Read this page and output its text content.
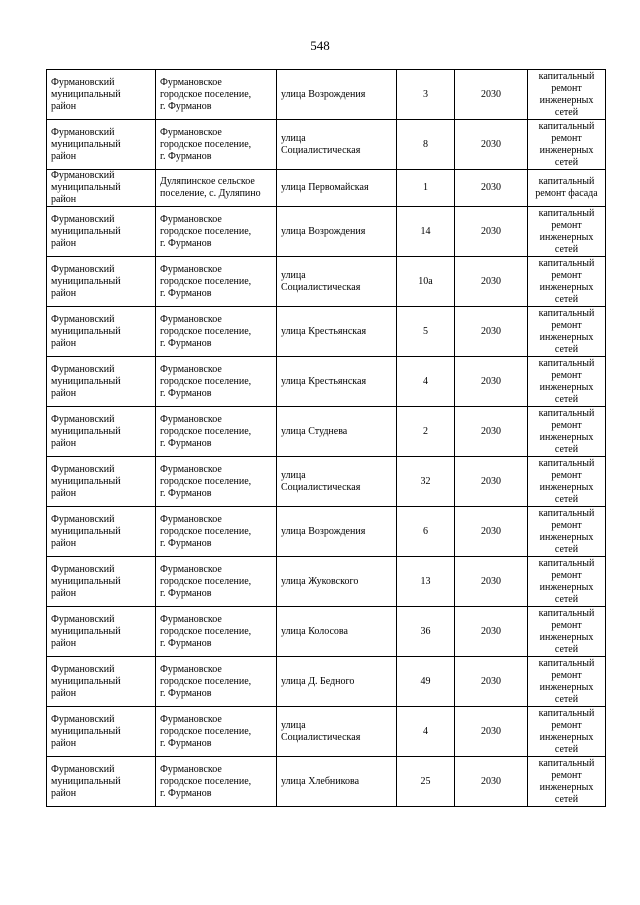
548
Фурмановский
муниципальный
район	Фурмановское
городское поселение,
г. Фурманов	улица Возрождения	3	2030	капитальный
ремонт
инженерных
сетей
Фурмановский
муниципальный
район	Фурмановское
городское поселение,
г. Фурманов	улица
Социалистическая	8	2030	капитальный
ремонт
инженерных
сетей
Фурмановский
муниципальный
район	Дуляпинское сельское
поселение, с. Дуляпино	улица Первомайская	1	2030	капитальный
ремонт фасада
Фурмановский
муниципальный
район	Фурмановское
городское поселение,
г. Фурманов	улица Возрождения	14	2030	капитальный
ремонт
инженерных
сетей
Фурмановский
муниципальный
район	Фурмановское
городское поселение,
г. Фурманов	улица
Социалистическая	10а	2030	капитальный
ремонт
инженерных
сетей
Фурмановский
муниципальный
район	Фурмановское
городское поселение,
г. Фурманов	улица Крестьянская	5	2030	капитальный
ремонт
инженерных
сетей
Фурмановский
муниципальный
район	Фурмановское
городское поселение,
г. Фурманов	улица Крестьянская	4	2030	капитальный
ремонт
инженерных
сетей
Фурмановский
муниципальный
район	Фурмановское
городское поселение,
г. Фурманов	улица Студнева	2	2030	капитальный
ремонт
инженерных
сетей
Фурмановский
муниципальный
район	Фурмановское
городское поселение,
г. Фурманов	улица
Социалистическая	32	2030	капитальный
ремонт
инженерных
сетей
Фурмановский
муниципальный
район	Фурмановское
городское поселение,
г. Фурманов	улица Возрождения	6	2030	капитальный
ремонт
инженерных
сетей
Фурмановский
муниципальный
район	Фурмановское
городское поселение,
г. Фурманов	улица Жуковского	13	2030	капитальный
ремонт
инженерных
сетей
Фурмановский
муниципальный
район	Фурмановское
городское поселение,
г. Фурманов	улица Колосова	36	2030	капитальный
ремонт
инженерных
сетей
Фурмановский
муниципальный
район	Фурмановское
городское поселение,
г. Фурманов	улица Д. Бедного	49	2030	капитальный
ремонт
инженерных
сетей
Фурмановский
муниципальный
район	Фурмановское
городское поселение,
г. Фурманов	улица
Социалистическая	4	2030	капитальный
ремонт
инженерных
сетей
Фурмановский
муниципальный
район	Фурмановское
городское поселение,
г. Фурманов	улица Хлебникова	25	2030	капитальный
ремонт
инженерных
сетей
